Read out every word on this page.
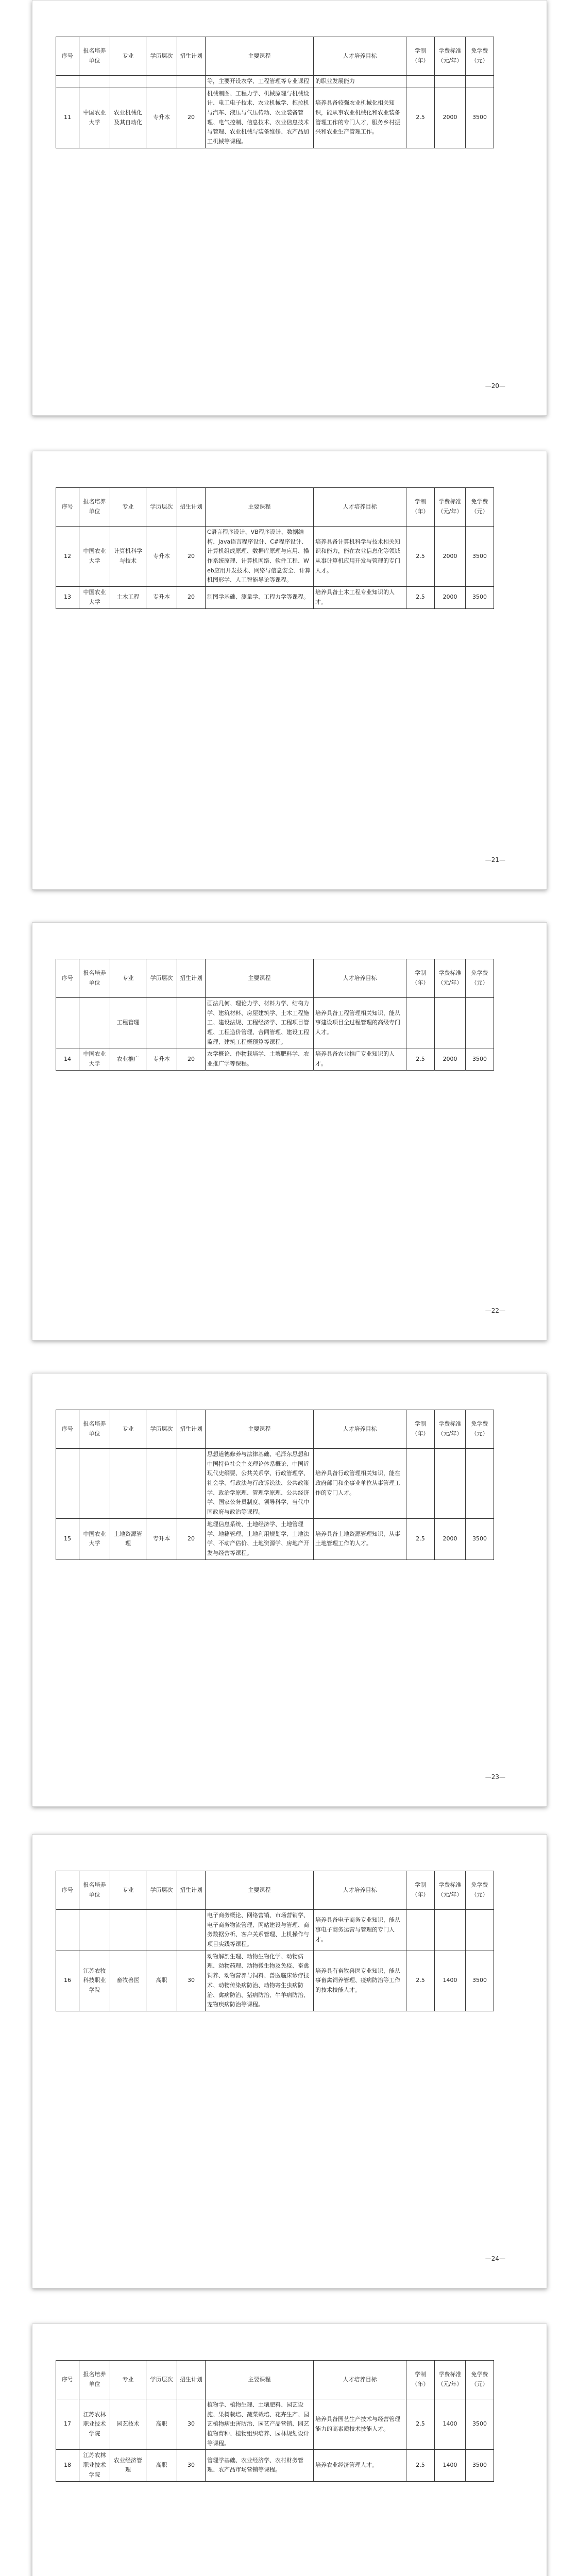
序号	报名培养单位	专业	学历层次	招生计划	主要课程	人才培养目标	学制（年）	学费标准（元/年）	免学费（元）
					等，主要开设农学、工程管理等专业课程	的职业发展能力			
11	中国农业大学	农业机械化及其自动化	专升本	20	机械制图、工程力学、机械原理与机械设计、电工电子技术、农业机械学、拖拉机与汽车、液压与气压传动、农业装备管理、电气控制、信息技术、农业信息技术与管理、农业机械与装备维修、农产品加工机械等课程。	培养具备较强农业机械化相关知识，能从事农业机械化和农业装备管理工作的专门人才，服务乡村振兴和农业生产管理工作。	2.5	2000	3500
—20—
序号	报名培养单位	专业	学历层次	招生计划	主要课程	人才培养目标	学制（年）	学费标准（元/年）	免学费（元）
12	中国农业大学	计算机科学与技术	专升本	20	C语言程序设计、VB程序设计、数据结构、Java语言程序设计、C#程序设计、计算机组成原理、数据库原理与应用、操作系统原理、计算机网络、软件工程、Web应用开发技术、网络与信息安全、计算机图形学、人工智能导论等课程。	培养具备计算机科学与技术相关知识和能力，能在农业信息化等领域从事计算机应用开发与管理的专门人才。	2.5	2000	3500
13	中国农业大学	土木工程	专升本	20	制图学基础、测量学、工程力学等课程。	培养具备土木工程专业知识的人才。	2.5	2000	3500
—21—
序号	报名培养单位	专业	学历层次	招生计划	主要课程	人才培养目标	学制（年）	学费标准（元/年）	免学费（元）
		工程管理			画法几何、理论力学、材料力学、结构力学、建筑材料、房屋建筑学、土木工程施工、建设法规、工程经济学、工程项目管理、工程造价管理、合同管理、建设工程监理、建筑工程概预算等课程。	培养具备工程管理相关知识，能从事建设项目全过程管理的高级专门人才。			
14	中国农业大学	农业推广	专升本	20	农学概论、作物栽培学、土壤肥料学、农业推广学等课程。	培养具备农业推广专业知识的人才。	2.5	2000	3500
—22—
序号	报名培养单位	专业	学历层次	招生计划	主要课程	人才培养目标	学制（年）	学费标准（元/年）	免学费（元）
					思想道德修养与法律基础、毛泽东思想和中国特色社会主义理论体系概论、中国近现代史纲要、公共关系学、行政管理学、社会学、行政法与行政诉讼法、公共政策学、政治学原理、管理学原理、公共经济学、国家公务员制度、领导科学、当代中国政府与政治等课程。	培养具备行政管理相关知识，能在政府部门和企事业单位从事管理工作的专门人才。			
15	中国农业大学	土地资源管理	专升本	20	地理信息系统、土地经济学、土地管理学、地籍管理、土地利用规划学、土地法学、不动产估价、土地资源学、房地产开发与经营等课程。	培养具备土地资源管理知识，从事土地管理工作的人才。	2.5	2000	3500
—23—
序号	报名培养单位	专业	学历层次	招生计划	主要课程	人才培养目标	学制（年）	学费标准（元/年）	免学费（元）
					电子商务概论、网络营销、市场营销学、电子商务物流管理、网站建设与管理、商务数据分析、客户关系管理、上机操作与项目实践等课程。	培养具备电子商务专业知识，能从事电子商务运营与管理的专门人才。			
16	江苏农牧科技职业学院	畜牧兽医	高职	30	动物解剖生理、动物生物化学、动物病理、动物药理、动物微生物及免疫、畜禽饲养、动物营养与饲料、兽医临床诊疗技术、动物传染病防治、动物寄生虫病防治、禽病防治、猪病防治、牛羊病防治、宠物疾病防治等课程。	培养具有畜牧兽医专业知识，能从事畜禽饲养管理、疫病防治等工作的技术技能人才。	2.5	1400	3500
—24—
序号	报名培养单位	专业	学历层次	招生计划	主要课程	人才培养目标	学制（年）	学费标准（元/年）	免学费（元）
17	江苏农林职业技术学院	园艺技术	高职	30	植物学、植物生理、土壤肥料、园艺设施、果树栽培、蔬菜栽培、花卉生产、园艺植物病虫害防治、园艺产品营销、园艺植物育种、植物组织培养、园林规划设计等课程。	培养具备园艺生产技术与经营管理能力的高素质技术技能人才。	2.5	1400	3500
18	江苏农林职业技术学院	农业经济管理	高职	30	管理学基础、农业经济学、农村财务管理、农产品市场营销等课程。	培养农业经济管理人才。	2.5	1400	3500
